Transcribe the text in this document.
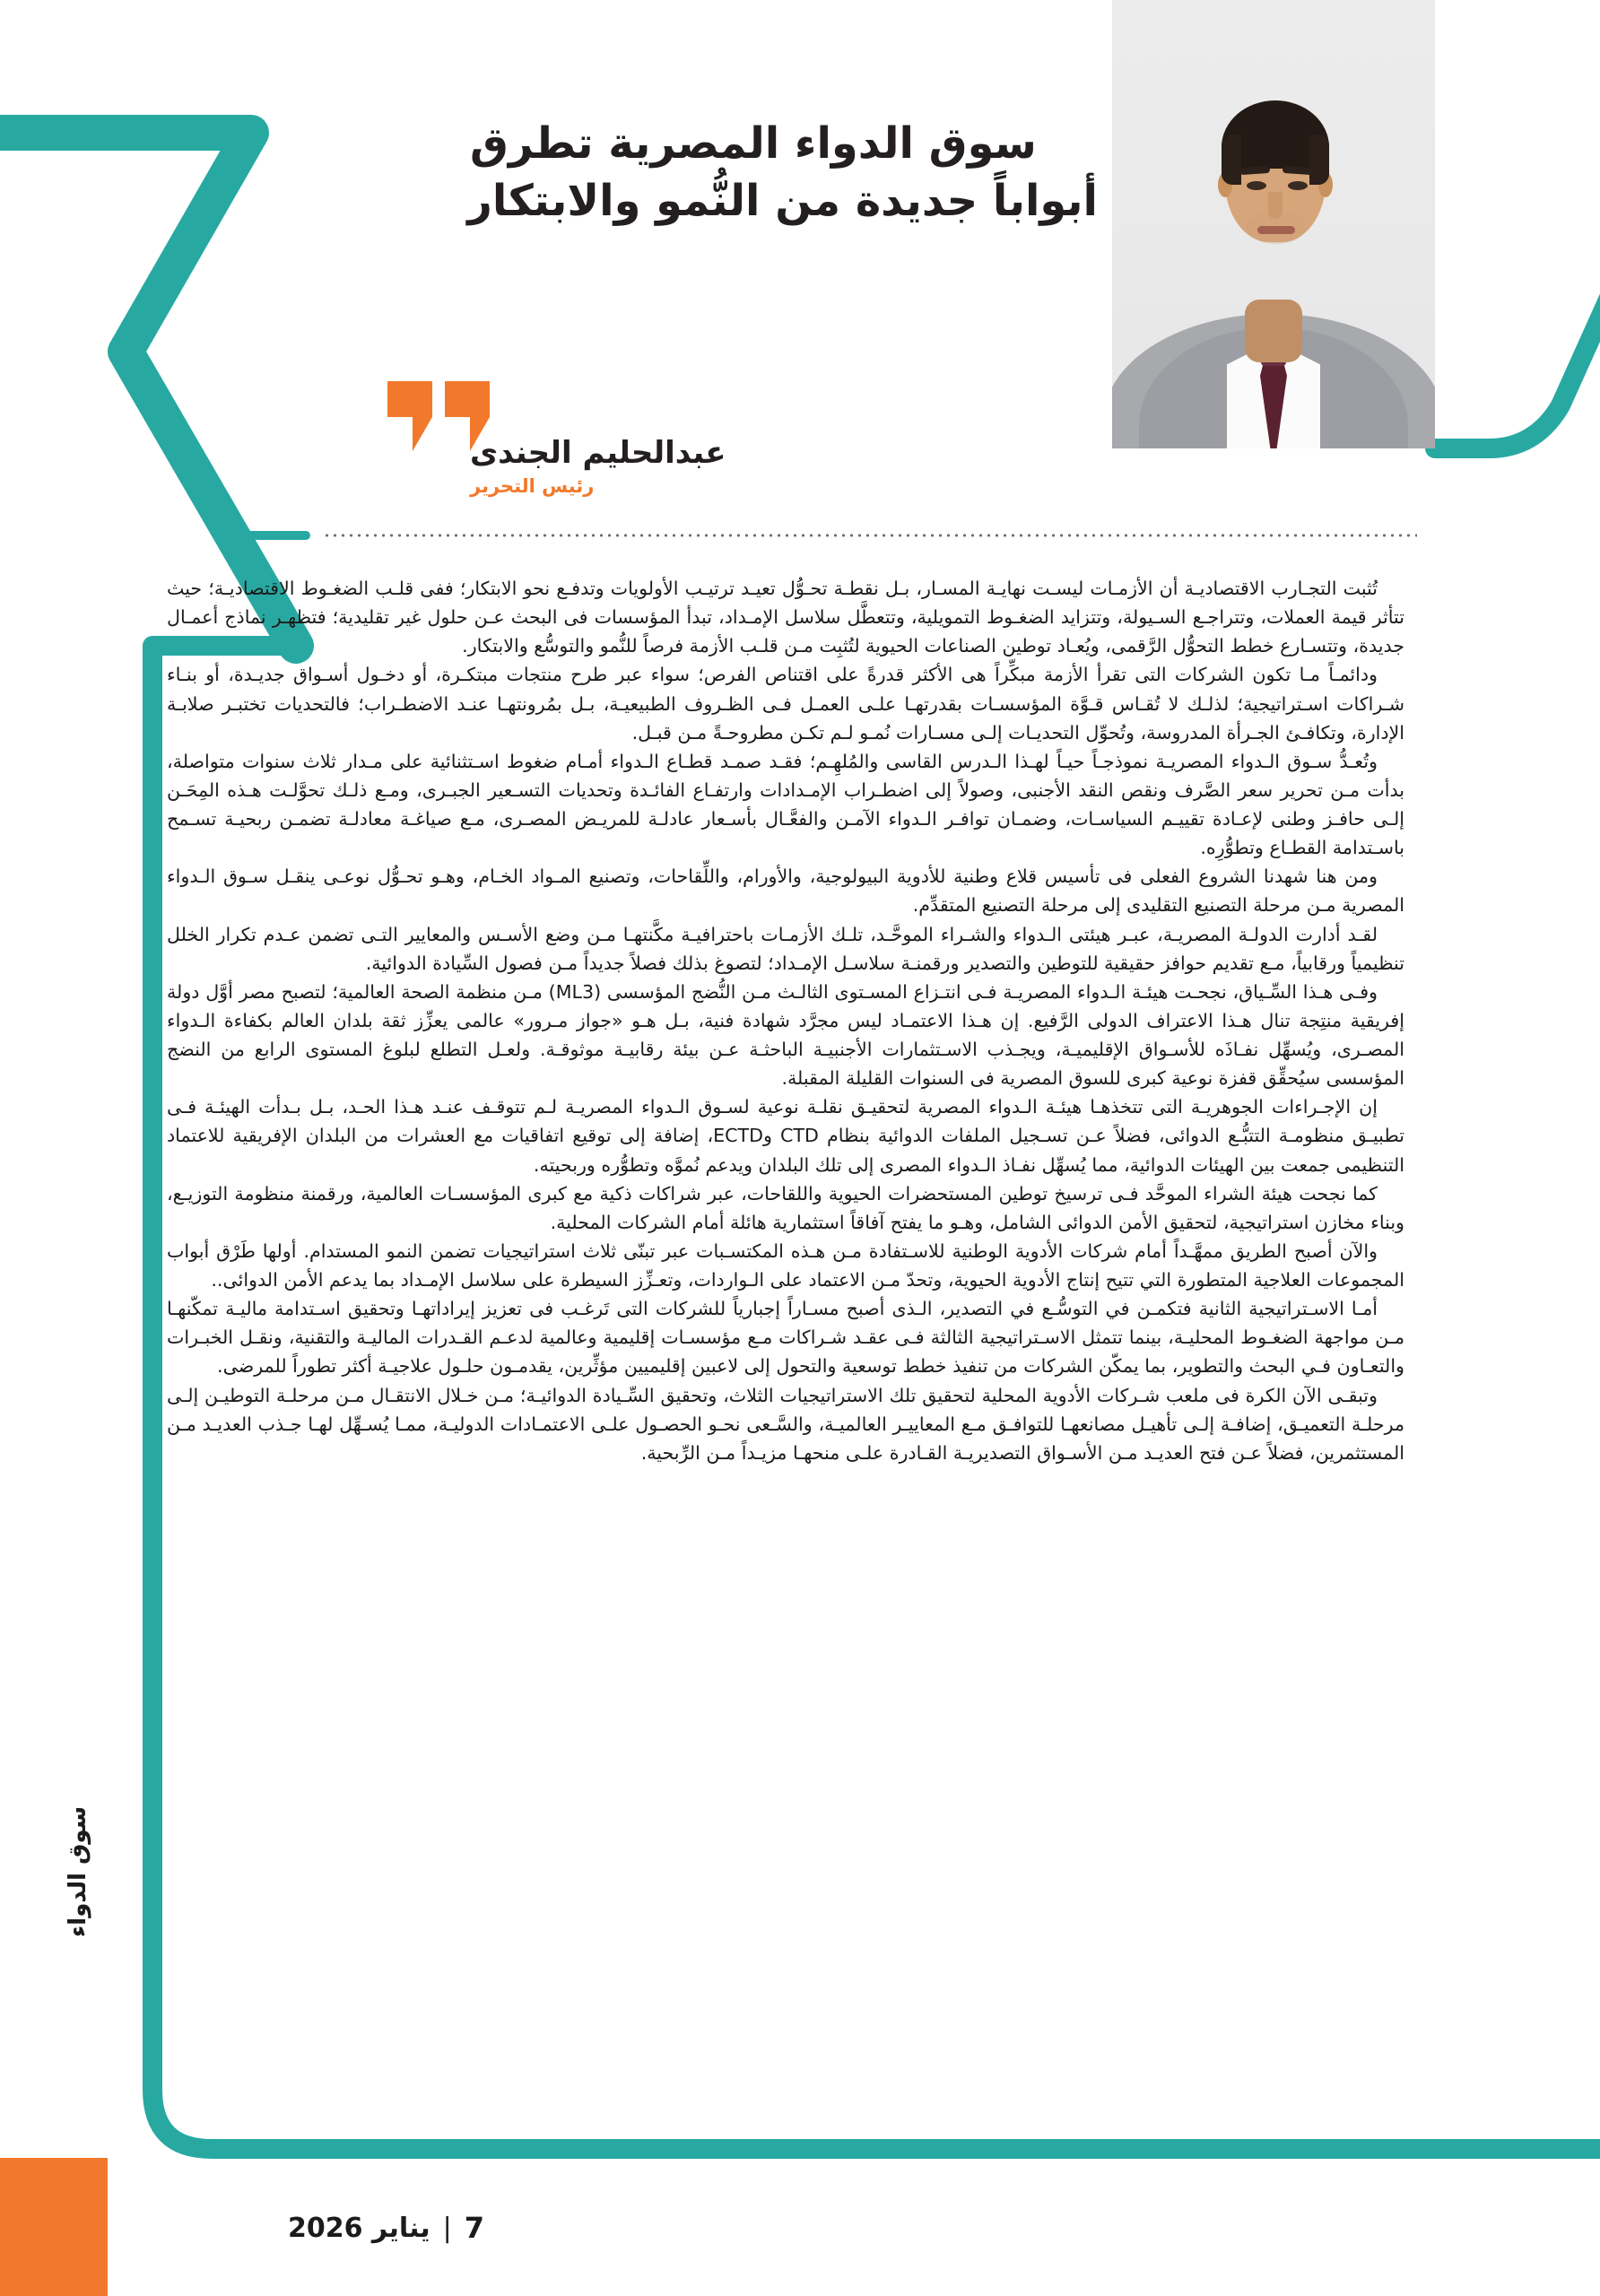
سوق الدواء المصرية تطرق
أبواباً جديدة من النُّمو والابتكار
عبدالحليم الجندى
رئيس التحرير

تُثبت التجـارب الاقتصاديـة أن الأزمـات ليسـت نهايـة المسـار، بـل نقطـة تحـوُّل تعيـد ترتيـب الأولويات وتدفـع نحو الابتكار؛ ففى قلـب الضغـوط الاقتصاديـة؛ حيث تتأثر قيمة العملات، وتتراجـع السـيولة، وتتزايد الضغـوط التمويلية، وتتعطَّل سلاسل الإمـداد، تبدأ المؤسسات فى البحث عـن حلول غير تقليدية؛ فتظهـر نماذج أعمـال جديدة، وتتسـارع خطط التحوُّل الرَّقمى، ويُعـاد توطين الصناعات الحيوية لتُثبِت مـن قلـب الأزمة فرصاً للنُّمو والتوسُّع والابتكار.

ودائمـاً مـا تكون الشركات التى تقرأ الأزمة مبكِّراً هى الأكثر قدرةً على اقتناص الفرص؛ سواء عبر طرح منتجات مبتكـرة، أو دخـول أسـواق جديـدة، أو بنـاء شـراكات اسـتراتيجية؛ لذلـك لا تُقـاس قـوَّة المؤسسـات بقدرتهـا علـى العمـل فـى الظـروف الطبيعيـة، بـل بمُرونتهـا عنـد الاضطـراب؛ فالتحديات تختبـر صلابـة الإدارة، وتكافـئ الجـرأة المدروسة، وتُحوِّل التحديـات إلـى مسـارات نُمـو لـم تكـن مطروحـةً مـن قبـل.

وتُعـدُّ سـوق الـدواء المصريـة نموذجـاً حيـاً لهـذا الـدرس القاسى والمُلهِـم؛ فقـد صمـد قطـاع الـدواء أمـام ضغوط اسـتثنائية على مـدار ثلاث سنوات متواصلة، بدأت مـن تحرير سعر الصَّرف ونقص النقد الأجنبى، وصولاً إلى اضطـراب الإمـدادات وارتفـاع الفائـدة وتحديات التسـعير الجبـرى، ومـع ذلـك تحوَّلـت هـذه المِحَـن إلـى حافـز وطنى لإعـادة تقييـم السياسـات، وضمـان توافـر الـدواء الآمـن والفعَّـال بأسـعار عادلـة للمريـض المصـرى، مـع صياغـة معادلـة تضمـن ربحيـة تسـمح باسـتدامة القطـاع وتطوُّرِه.

ومن هنا شهدنا الشروع الفعلى فى تأسيس قلاع وطنية للأدوية البيولوجية، والأورام، واللِّقاحات، وتصنيع المـواد الخـام، وهـو تحـوُّل نوعـى ينقـل سـوق الـدواء المصرية مـن مرحلة التصنيع التقليدى إلى مرحلة التصنيع المتقدِّم.

لقـد أدارت الدولـة المصريـة، عبـر هيئتى الـدواء والشـراء الموحَّـد، تلـك الأزمـات باحترافيـة مكَّنتهـا مـن وضع الأسـس والمعايير التـى تضمن عـدم تكرار الخلل تنظيمياً ورقابياً، مـع تقديم حوافز حقيقية للتوطين والتصدير ورقمنـة سلاسـل الإمـداد؛ لتصوغ بذلك فصلاً جديداً مـن فصول السِّيادة الدوائية.

وفـى هـذا السِّـياق، نجحـت هيئـة الـدواء المصريـة فـى انتـزاع المسـتوى الثالـث مـن النُّضج المؤسسى (ML3) مـن منظمة الصحة العالمية؛ لتصبح مصر أوَّل دولة إفريقية منتِجة تنال هـذا الاعتراف الدولى الرَّفيع. إن هـذا الاعتمـاد ليس مجرَّد شهادة فنية، بـل هـو «جواز مـرور» عالمى يعزِّز ثقة بلدان العالم بكفاءة الـدواء المصـرى، ويُسهِّل نفـاذَه للأسـواق الإقليميـة، ويجـذب الاسـتثمارات الأجنبيـة الباحثـة عـن بيئة رقابيـة موثوقـة. ولعـل التطلع لبلوغ المستوى الرابع من النضج المؤسسى سيُحقِّق قفزة نوعية كبرى للسوق المصرية فى السنوات القليلة المقبلة.

إن الإجـراءات الجوهريـة التى تتخذهـا هيئـة الـدواء المصرية لتحقيـق نقلـة نوعية لسـوق الـدواء المصريـة لـم تتوقـف عنـد هـذا الحـد، بـل بـدأت الهيئـة فـى تطبيـق منظومـة التتبُّـع الدوائى، فضلاً عـن تسـجيل الملفات الدوائية بنظام CTD وECTD، إضافة إلى توقيع اتفاقيات مع العشرات من البلدان الإفريقية للاعتماد التنظيمى جمعت بين الهيئات الدوائية، مما يُسهِّل نفـاذ الـدواء المصرى إلى تلك البلدان ويدعم نُموَّه وتطوُّره وربحيته.

كما نجحت هيئة الشراء الموحَّد فـى ترسيخ توطين المستحضرات الحيوية واللقاحات، عبر شراكات ذكية مع كبرى المؤسسـات العالمية، ورقمنة منظومة التوزيـع، وبناء مخازن استراتيجية، لتحقيق الأمن الدوائى الشامل، وهـو ما يفتح آفاقاً استثمارية هائلة أمام الشركات المحلية.

والآن أصبح الطريق ممهَّـداً أمام شركات الأدوية الوطنية للاسـتفادة مـن هـذه المكتسـبات عبر تبنّى ثلاث استراتيجيات تضمن النمو المستدام. أولها طَرْق أبواب المجموعات العلاجية المتطورة التي تتيح إنتاج الأدوية الحيوية، وتحدّ مـن الاعتماد على الـواردات، وتعـزِّز السيطرة على سلاسل الإمـداد بما يدعم الأمن الدوائى..

أمـا الاسـتراتيجية الثانية فتكمـن في التوسُّـع في التصدير، الـذى أصبح مسـاراً إجبارياً للشركات التى تَرغـب فى تعزيز إيراداتهـا وتحقيق اسـتدامة ماليـة تمكّنهـا مـن مواجهة الضغـوط المحليـة، بينما تتمثل الاسـتراتيجية الثالثة فـى عقـد شـراكات مـع مؤسسـات إقليمية وعالمية لدعـم القـدرات الماليـة والتقنية، ونقـل الخبـرات والتعـاون فـي البحث والتطوير، بما يمكّن الشركات من تنفيذ خطط توسعية والتحول إلى لاعبين إقليميين مؤثِّرين، يقدمـون حلـول علاجيـة أكثر تطوراً للمرضى.

وتبقـى الآن الكرة فى ملعب شـركات الأدوية المحلية لتحقيق تلك الاستراتيجيات الثلاث، وتحقيق السِّـيادة الدوائيـة؛ مـن خـلال الانتقـال مـن مرحلـة التوطيـن إلـى مرحلـة التعميـق، إضافـة إلـى تأهيـل مصانعهـا للتوافـق مـع المعاييـر العالميـة، والسَّـعى نحـو الحصـول علـى الاعتمـادات الدوليـة، ممـا يُسـهِّل لهـا جـذب العديـد مـن المستثمرين، فضلاً عـن فتح العديـد مـن الأسـواق التصديريـة القـادرة علـى منحهـا مزيـداً مـن الرِّبحية.

سوق الدواء
7
|
يناير 2026
